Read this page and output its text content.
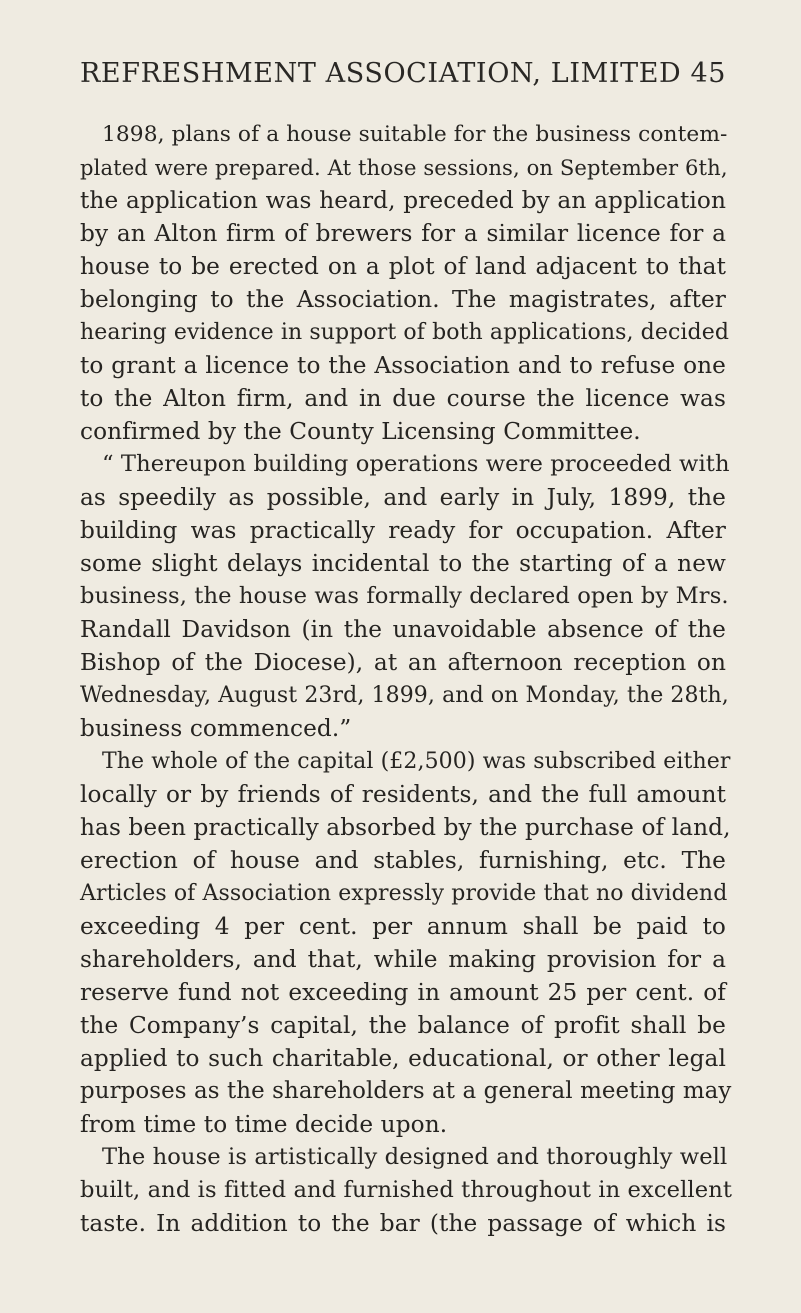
REFRESHMENT ASSOCIATION, LIMITED 45
1898, plans of a house suitable for the business contem-
plated were prepared. At those sessions, on September 6th,
the application was heard, preceded by an application
by an Alton firm of brewers for a similar licence for a
house to be erected on a plot of land adjacent to that
belonging to the Association. The magistrates, after
hearing evidence in support of both applications, decided
to grant a licence to the Association and to refuse one
to the Alton firm, and in due course the licence was
confirmed by the County Licensing Committee.
“ Thereupon building operations were proceeded with
as speedily as possible, and early in July, 1899, the
building was practically ready for occupation. After
some slight delays incidental to the starting of a new
business, the house was formally declared open by Mrs.
Randall Davidson (in the unavoidable absence of the
Bishop of the Diocese), at an afternoon reception on
Wednesday, August 23rd, 1899, and on Monday, the 28th,
business commenced.”
The whole of the capital (£2,500) was subscribed either
locally or by friends of residents, and the full amount
has been practically absorbed by the purchase of land,
erection of house and stables, furnishing, etc. The
Articles of Association expressly provide that no dividend
exceeding 4 per cent. per annum shall be paid to
shareholders, and that, while making provision for a
reserve fund not exceeding in amount 25 per cent. of
the Company’s capital, the balance of profit shall be
applied to such charitable, educational, or other legal
purposes as the shareholders at a general meeting may
from time to time decide upon.
The house is artistically designed and thoroughly well
built, and is fitted and furnished throughout in excellent
taste. In addition to the bar (the passage of which is
